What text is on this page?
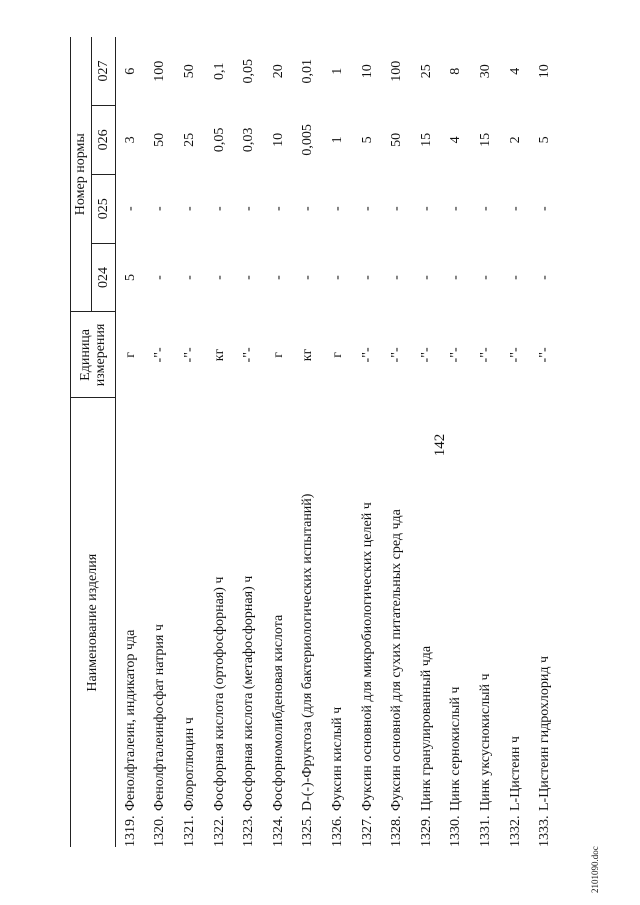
142
Наименование изделия		Единица
измерения	Номер нормы			
			024	025	026	027
1319.	Фенолфталеин, индикатор чда	г	5	-	3	6
1320.	Фенолфталеинфосфат натрия ч	-"-	-	-	50	100
1321.	Флороглюцин ч	-"-	-	-	25	50
1322.	Фосфорная кислота (ортофосфорная) ч	кг	-	-	0,05	0,1
1323.	Фосфорная кислота (метафосфорная) ч	-"-	-	-	0,03	0,05
1324.	Фосфорномолибденовая кислота	г	-	-	10	20
1325.	D-(-)-Фруктоза (для бактериологических испытаний)	кг	-	-	0,005	0,01
1326.	Фуксин кислый ч	г	-	-	1	1
1327.	Фуксин основной для микробиологических целей ч	-"-	-	-	5	10
1328.	Фуксин основной для сухих питательных сред чда	-"-	-	-	50	100
1329.	Цинк гранулированный чда	-"-	-	-	15	25
1330.	Цинк сернокислый ч	-"-	-	-	4	8
1331.	Цинк уксуснокислый ч	-"-	-	-	15	30
1332.	L-Цистеин ч	-"-	-	-	2	4
1333.	L-Цистеин гидрохлорид ч	-"-	-	-	5	10
2101090.doc
